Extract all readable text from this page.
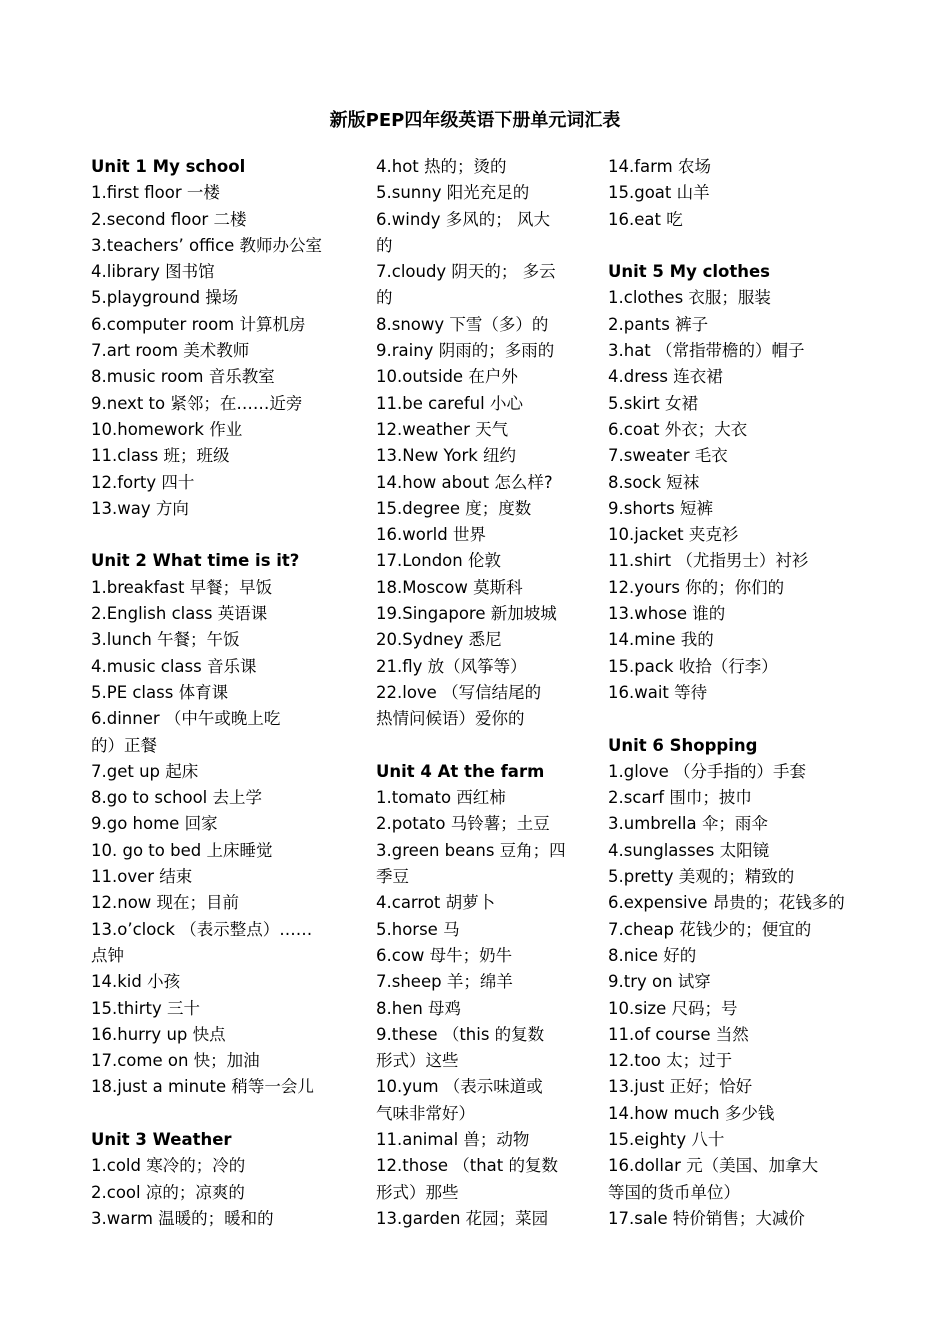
新版PEP四年级英语下册单元词汇表
Unit 1 My school
1.first floor 一楼
2.second floor 二楼
3.teachers’ office 教师办公室
4.library 图书馆
5.playground 操场
6.computer room 计算机房
7.art room 美术教师
8.music room 音乐教室
9.next to 紧邻；在……近旁
10.homework 作业
11.class 班；班级
12.forty 四十
13.way 方向
Unit 2 What time is it?
1.breakfast 早餐；早饭
2.English class 英语课
3.lunch 午餐；午饭
4.music class 音乐课
5.PE class 体育课
6.dinner （中午或晚上吃
的）正餐
7.get up 起床
8.go to school 去上学
9.go home 回家
10. go to bed 上床睡觉
11.over 结束
12.now 现在；目前
13.o’clock （表示整点）……
点钟
14.kid 小孩
15.thirty 三十
16.hurry up 快点
17.come on 快；加油
18.just a minute 稍等一会儿
Unit 3 Weather
1.cold 寒冷的；冷的
2.cool 凉的；凉爽的
3.warm 温暖的；暖和的
4.hot 热的；烫的
5.sunny 阳光充足的
6.windy 多风的； 风大
的
7.cloudy 阴天的； 多云
的
8.snowy 下雪（多）的
9.rainy 阴雨的；多雨的
10.outside 在户外
11.be careful 小心
12.weather 天气
13.New York 纽约
14.how about 怎么样?
15.degree 度；度数
16.world 世界
17.London 伦敦
18.Moscow 莫斯科
19.Singapore 新加坡城
20.Sydney 悉尼
21.fly 放（风筝等）
22.love （写信结尾的
热情问候语）爱你的
Unit 4 At the farm
1.tomato 西红柿
2.potato 马铃薯；土豆
3.green beans 豆角；四
季豆
4.carrot 胡萝卜
5.horse 马
6.cow 母牛；奶牛
7.sheep 羊；绵羊
8.hen 母鸡
9.these （this 的复数
形式）这些
10.yum （表示味道或
气味非常好）
11.animal 兽；动物
12.those （that 的复数
形式）那些
13.garden 花园；菜园
14.farm 农场
15.goat 山羊
16.eat 吃
Unit 5 My clothes
1.clothes 衣服；服装
2.pants 裤子
3.hat （常指带檐的）帽子
4.dress 连衣裙
5.skirt 女裙
6.coat 外衣；大衣
7.sweater 毛衣
8.sock 短袜
9.shorts 短裤
10.jacket 夹克衫
11.shirt （尤指男士）衬衫
12.yours 你的；你们的
13.whose 谁的
14.mine 我的
15.pack 收拾（行李）
16.wait 等待
Unit 6 Shopping
1.glove （分手指的）手套
2.scarf 围巾；披巾
3.umbrella 伞；雨伞
4.sunglasses 太阳镜
5.pretty 美观的；精致的
6.expensive 昂贵的；花钱多的
7.cheap 花钱少的；便宜的
8.nice 好的
9.try on 试穿
10.size 尺码；号
11.of course 当然
12.too 太；过于
13.just 正好；恰好
14.how much 多少钱
15.eighty 八十
16.dollar 元（美国、加拿大
等国的货币单位）
17.sale 特价销售；大减价
